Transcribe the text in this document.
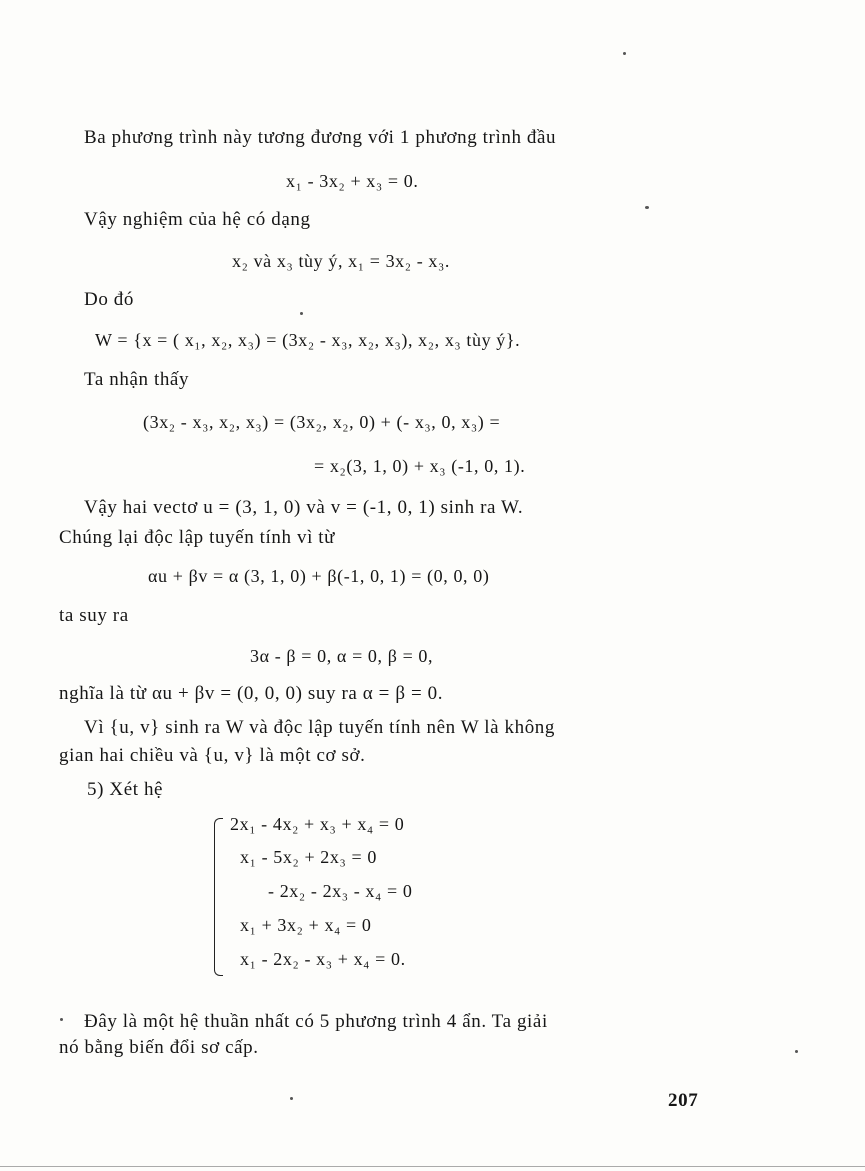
Ba phương trình này tương đương với 1 phương trình đầu
x₁ - 3x₂ + x₃ = 0.
Vậy nghiệm của hệ có dạng
x₂ và x₃ tùy ý, x₁ = 3x₂ - x₃.
Do đó
W = {x = ( x₁, x₂, x₃) = (3x₂ - x₃, x₂, x₃), x₂, x₃ tùy ý}.
Ta nhận thấy
(3x₂ - x₃, x₂, x₃) = (3x₂, x₂, 0) + (- x₃, 0, x₃) =
= x₂(3, 1, 0) + x₃ (-1, 0, 1).
Vậy hai vectơ u = (3, 1, 0) và v = (-1, 0, 1) sinh ra W.
Chúng lại độc lập tuyến tính vì từ
αu + βv = α (3, 1, 0) + β(-1, 0, 1) = (0, 0, 0)
ta suy ra
3α - β = 0, α = 0, β = 0,
nghĩa là từ αu + βv = (0, 0, 0) suy ra α = β = 0.
Vì {u, v} sinh ra W và độc lập tuyến tính nên W là không
gian hai chiều và {u, v} là một cơ sở.
5) Xét hệ
2x₁ - 4x₂ + x₃ + x₄ = 0
x₁ - 5x₂ + 2x₃ = 0
- 2x₂ - 2x₃ - x₄ = 0
x₁ + 3x₂ + x₄ = 0
x₁ - 2x₂ - x₃ + x₄ = 0.
Đây là một hệ thuần nhất có 5 phương trình 4 ẩn. Ta giải
nó bằng biến đổi sơ cấp.
207
